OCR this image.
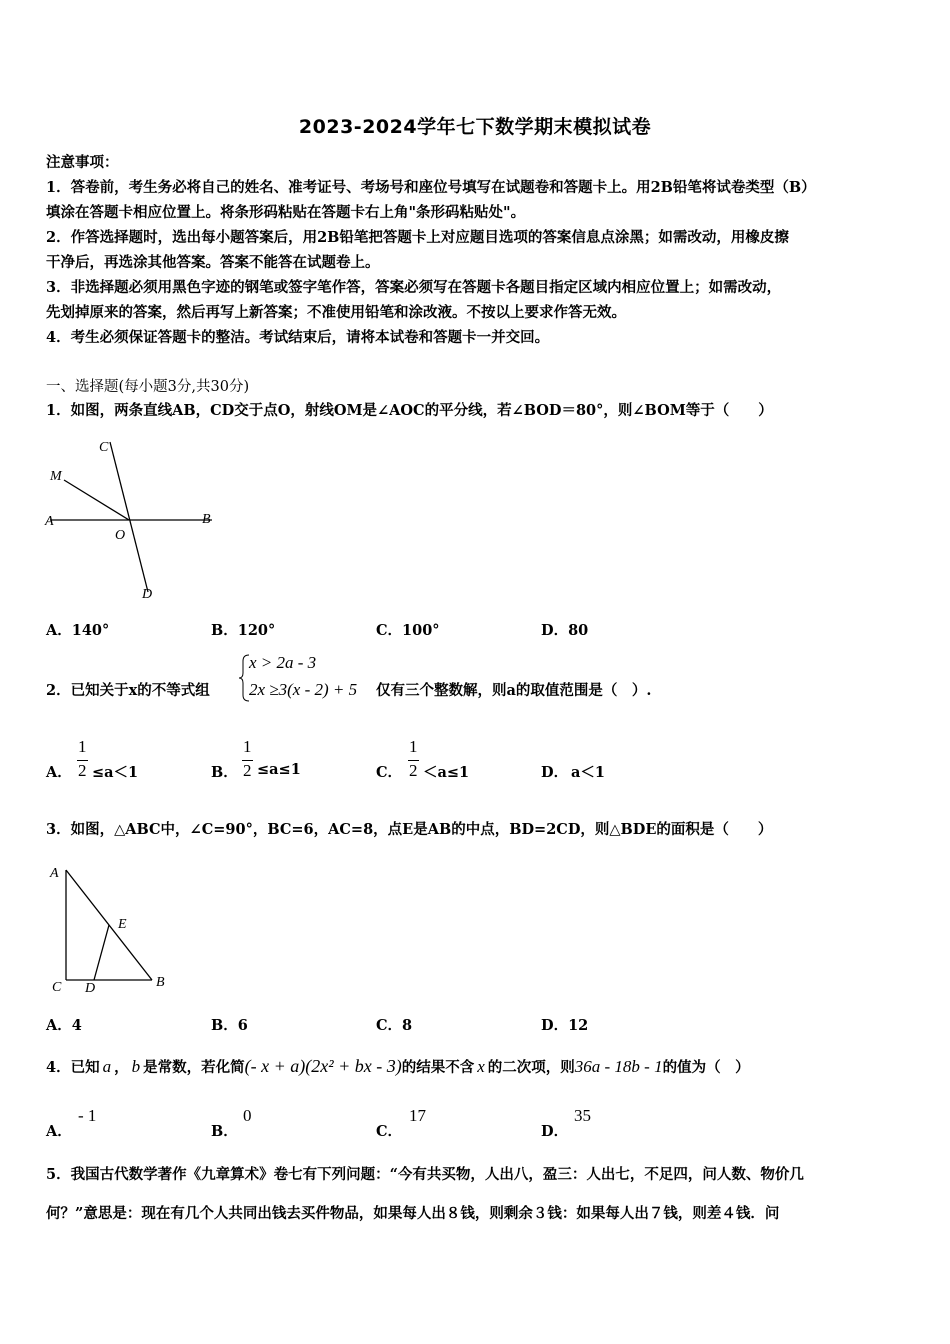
2023-2024学年七下数学期末模拟试卷
注意事项：
1．答卷前，考生务必将自己的姓名、准考证号、考场号和座位号填写在试题卷和答题卡上。用2B铅笔将试卷类型（B）
填涂在答题卡相应位置上。将条形码粘贴在答题卡右上角"条形码粘贴处"。
2．作答选择题时，选出每小题答案后，用2B铅笔把答题卡上对应题目选项的答案信息点涂黑；如需改动，用橡皮擦
干净后，再选涂其他答案。答案不能答在试题卷上。
3．非选择题必须用黑色字迹的钢笔或签字笔作答，答案必须写在答题卡各题目指定区域内相应位置上；如需改动，
先划掉原来的答案，然后再写上新答案；不准使用铅笔和涂改液。不按以上要求作答无效。
4．考生必须保证答题卡的整洁。考试结束后，请将本试卷和答题卡一并交回。
一、选择题(每小题3分,共30分)
1．如图，两条直线AB，CD交于点O，射线OM是∠AOC的平分线，若∠BOD＝80°，则∠BOM等于（　　）
C
M
A	B
O
D
A．140°	B．120°	C．100°	D．80
2．已知关于x的不等式组
x > 2a - 3
2x ≥3(x - 2) + 5 仅有三个整数解，则a的取值范围是（　）.
A．
1
2 ≤a＜1	B．
1
2 ≤a≤1	C．
1
2 ＜a≤1	D． a＜1
3．如图，△ABC中，∠C=90°，BC=6，AC=8，点E是AB的中点，BD=2CD，则△BDE的面积是（　　）
A
E
C D	B
A．4	B．6	C．8	D．12
4．已知 a ， b 是常数，若化简 (- x + a)(2x² + bx - 3) 的结果不含 x 的二次项，则 36a - 18b - 1 的值为（　）
A．
- 1
B．
0
C．
17
D．
35
5．我国古代数学著作《九章算术》卷七有下列问题：“今有共买物，人出八，盈三：人出七，不足四，问人数、物价几
何？”意思是：现在有几个人共同出钱去买件物品，如果每人出８钱，则剩余３钱：如果每人出７钱，则差４钱．问
